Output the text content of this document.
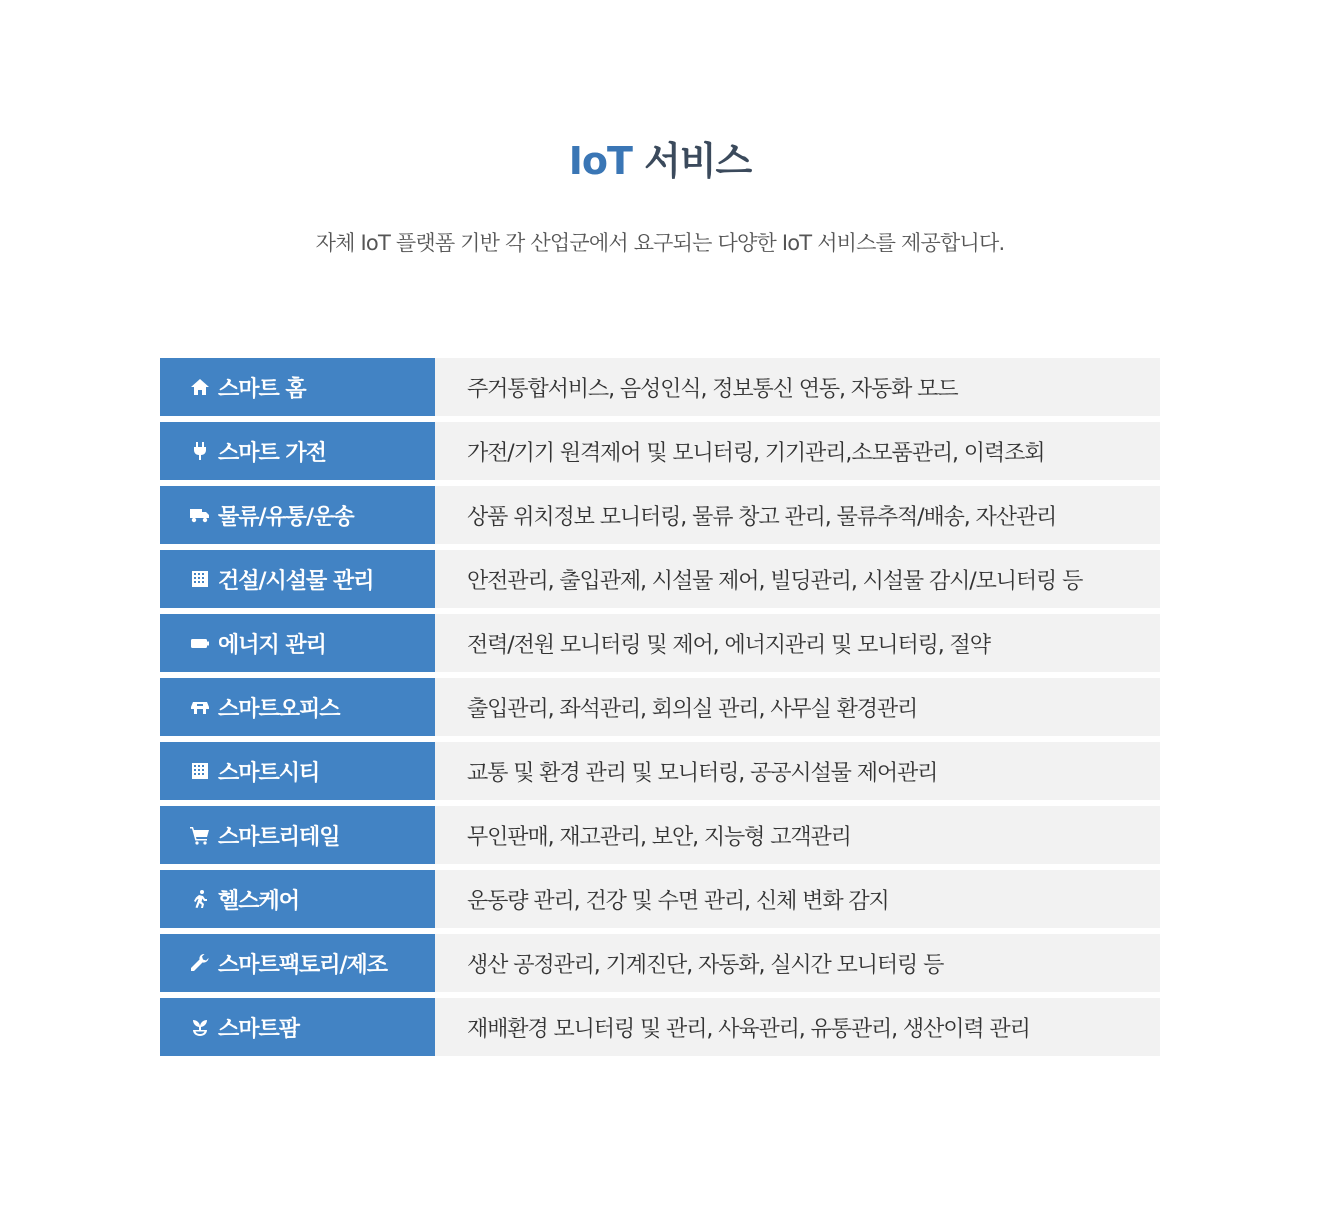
IoT 서비스
자체 IoT 플랫폼 기반 각 산업군에서 요구되는 다양한 IoT 서비스를 제공합니다.
스마트 홈	주거통합서비스, 음성인식, 정보통신 연동, 자동화 모드
스마트 가전	가전/기기 원격제어 및 모니터링, 기기관리,소모품관리, 이력조회
물류/유통/운송	상품 위치정보 모니터링, 물류 창고 관리, 물류추적/배송, 자산관리
건설/시설물 관리	안전관리, 출입관제, 시설물 제어, 빌딩관리, 시설물 감시/모니터링 등
에너지 관리	전력/전원 모니터링 및 제어, 에너지관리 및 모니터링, 절약
스마트오피스	출입관리, 좌석관리, 회의실 관리, 사무실 환경관리
스마트시티	교통 및 환경 관리 및 모니터링, 공공시설물 제어관리
스마트리테일	무인판매, 재고관리, 보안, 지능형 고객관리
헬스케어	운동량 관리, 건강 및 수면 관리, 신체 변화 감지
스마트팩토리/제조	생산 공정관리, 기계진단, 자동화, 실시간 모니터링 등
스마트팜	재배환경 모니터링 및 관리, 사육관리, 유통관리, 생산이력 관리
